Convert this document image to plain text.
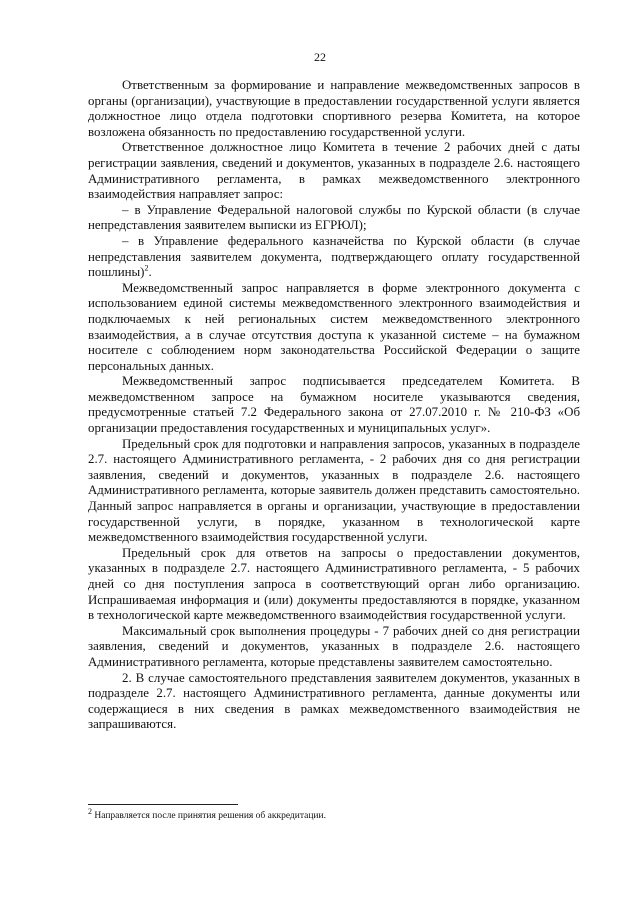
22

Ответственным за формирование и направление межведомственных запросов в органы (организации), участвующие в предоставлении государственной услуги является должностное лицо отдела подготовки спортивного резерва Комитета, на которое возложена обязанность по предоставлению государственной услуги.

Ответственное должностное лицо Комитета в течение 2 рабочих дней с даты регистрации заявления, сведений и документов, указанных в подразделе 2.6. настоящего Административного регламента, в рамках межведомственного электронного взаимодействия направляет запрос:

– в Управление Федеральной налоговой службы по Курской области (в случае непредставления заявителем выписки из ЕГРЮЛ);

– в Управление федерального казначейства по Курской области (в случае непредставления заявителем документа, подтверждающего оплату государственной пошлины)$^2$.

Межведомственный запрос направляется в форме электронного документа с использованием единой системы межведомственного электронного взаимодействия и подключаемых к ней региональных систем межведомственного электронного взаимодействия, а в случае отсутствия доступа к указанной системе – на бумажном носителе с соблюдением норм законодательства Российской Федерации о защите персональных данных.

Межведомственный запрос подписывается председателем Комитета. В межведомственном запросе на бумажном носителе указываются сведения, предусмотренные статьей 7.2 Федерального закона от 27.07.2010 г. № 210-ФЗ «Об организации предоставления государственных и муниципальных услуг».

Предельный срок для подготовки и направления запросов, указанных в подразделе 2.7. настоящего Административного регламента, - 2 рабочих дня со дня регистрации заявления, сведений и документов, указанных в подразделе 2.6. настоящего Административного регламента, которые заявитель должен представить самостоятельно. Данный запрос направляется в органы и организации, участвующие в предоставлении государственной услуги, в порядке, указанном в технологической карте межведомственного взаимодействия государственной услуги.

Предельный срок для ответов на запросы о предоставлении документов, указанных в подразделе 2.7. настоящего Административного регламента, - 5 рабочих дней со дня поступления запроса в соответствующий орган либо организацию. Испрашиваемая информация и (или) документы предоставляются в порядке, указанном в технологической карте межведомственного взаимодействия государственной услуги.

Максимальный срок выполнения процедуры - 7 рабочих дней со дня регистрации заявления, сведений и документов, указанных в подразделе 2.6. настоящего Административного регламента, которые представлены заявителем самостоятельно.

2. В случае самостоятельного представления заявителем документов, указанных в подразделе 2.7. настоящего Административного регламента, данные документы или содержащиеся в них сведения в рамках межведомственного взаимодействия не запрашиваются.

$^2$ Направляется после принятия решения об аккредитации.
